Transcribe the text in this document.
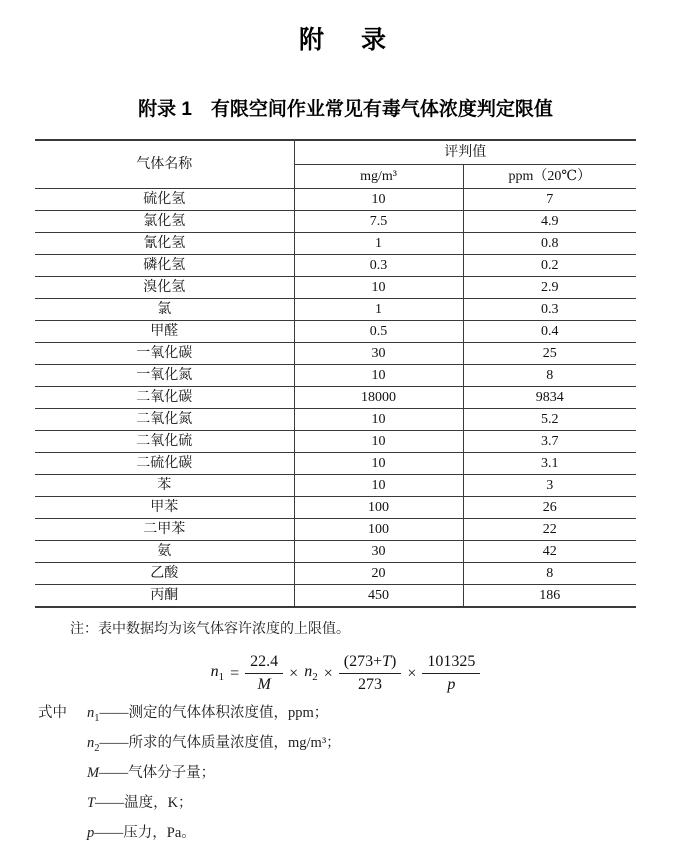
附　录
附录 1　有限空间作业常见有毒气体浓度判定限值
气体名称	评判值	
	mg/m³	ppm（20℃）
硫化氢	10	7
氯化氢	7.5	4.9
氰化氢	1	0.8
磷化氢	0.3	0.2
溴化氢	10	2.9
氯	1	0.3
甲醛	0.5	0.4
一氧化碳	30	25
一氧化氮	10	8
二氧化碳	18000	9834
二氧化氮	10	5.2
二氧化硫	10	3.7
二硫化碳	10	3.1
苯	10	3
甲苯	100	26
二甲苯	100	22
氨	30	42
乙酸	20	8
丙酮	450	186
注：表中数据均为该气体容许浓度的上限值。
$n_1 = \frac{22.4}{M} \times n_2 \times \frac{(273+T)}{273} \times \frac{101325}{p}$
式中	$n_1$ ——测定的气体体积浓度值，ppm；
$n_2$ ——所求的气体质量浓度值，mg/m³；
M ——气体分子量；
T ——温度，K；
p ——压力，Pa。
